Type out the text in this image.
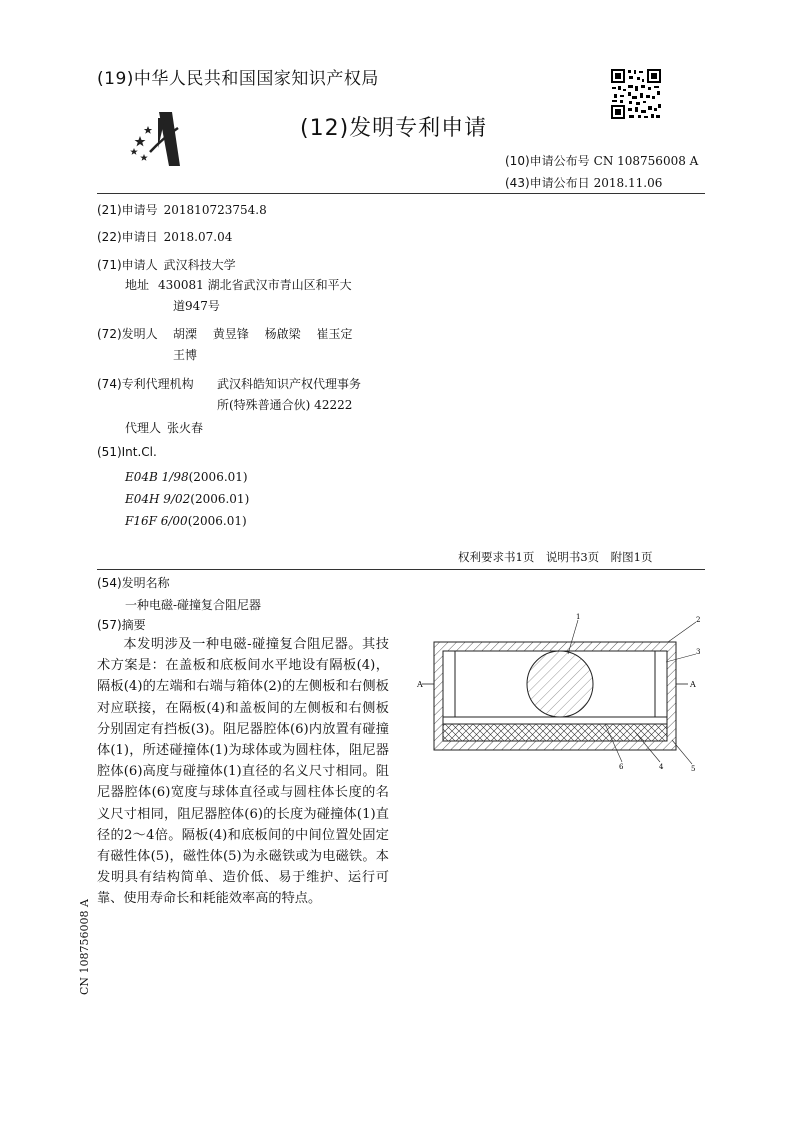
(19)中华人民共和国国家知识产权局
(12)发明专利申请
(10)申请公布号 CN 108756008 A
(43)申请公布日 2018.11.06
(21)申请号 201810723754.8
(22)申请日 2018.07.04
(71)申请人 武汉科技大学
地址 430081 湖北省武汉市青山区和平大
道947号
(72)发明人 胡溧　 黄昱锋　 杨啟梁　 崔玉定
王博
(74)专利代理机构 武汉科皓知识产权代理事务
所(特殊普通合伙) 42222
代理人 张火春
(51)Int.Cl.
E04B 1/98(2006.01)
E04H 9/02(2006.01)
F16F 6/00(2006.01)
权利要求书1页　说明书3页　附图1页
(54)发明名称
一种电磁-碰撞复合阻尼器
(57)摘要

本发明涉及一种电磁-碰撞复合阻尼器。其技术方案是：在盖板和底板间水平地设有隔板(4)，隔板(4)的左端和右端与箱体(2)的左侧板和右侧板对应联接，在隔板(4)和盖板间的左侧板和右侧板分别固定有挡板(3)。阻尼器腔体(6)内放置有碰撞体(1)，所述碰撞体(1)为球体或为圆柱体，阻尼器腔体(6)高度与碰撞体(1)直径的名义尺寸相同。阻尼器腔体(6)宽度与球体直径或与圆柱体长度的名义尺寸相同，阻尼器腔体(6)的长度为碰撞体(1)直径的2～4倍。隔板(4)和底板间的中间位置处固定有磁性体(5)，磁性体(5)为永磁铁或为电磁铁。本发明具有结构简单、造价低、易于维护、运行可靠、使用寿命长和耗能效率高的特点。

A	A
1	2
3
4	5
6
CN 108756008 A
